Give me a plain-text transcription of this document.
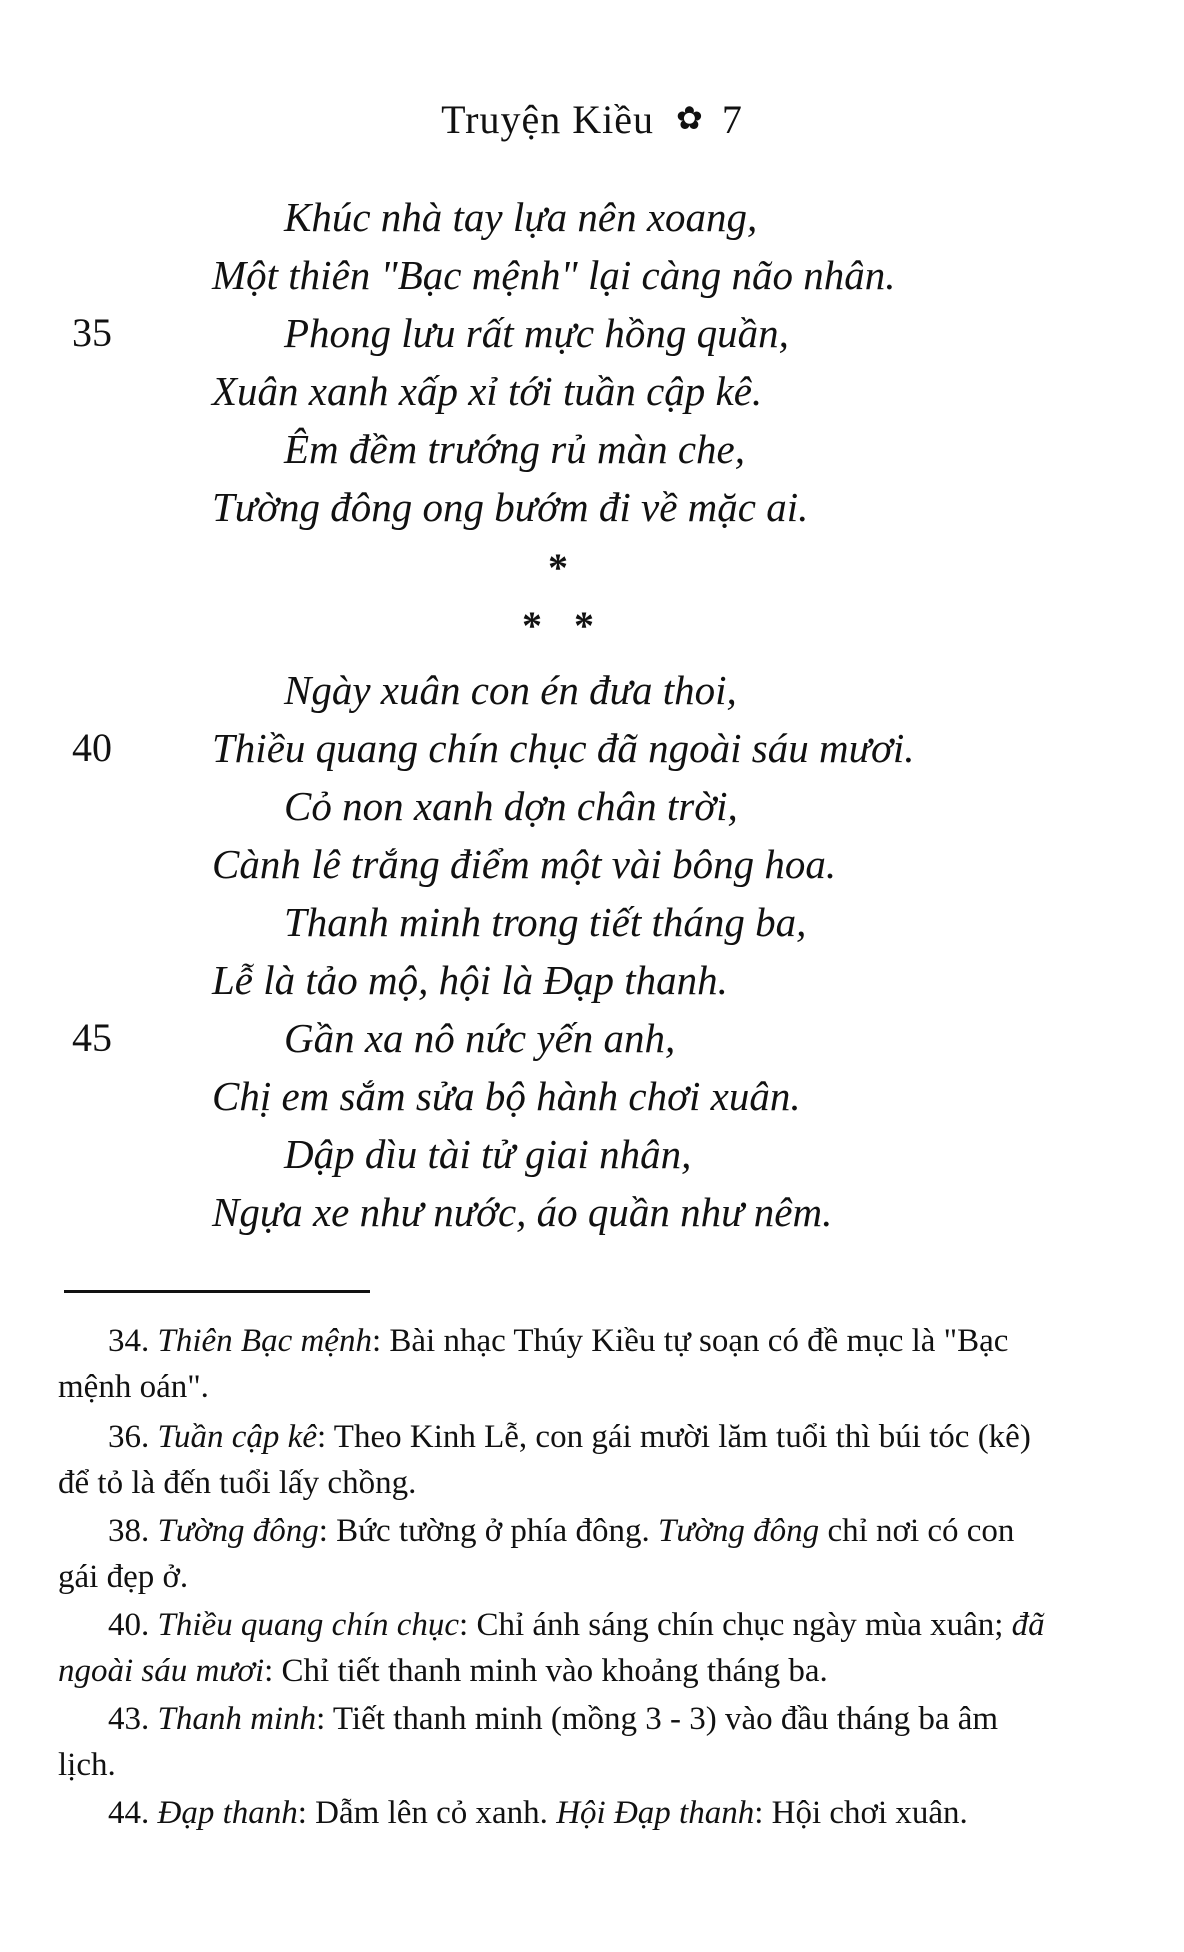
Truyện Kiều ✿ 7
Khúc nhà tay lựa nên xoang,
Một thiên "Bạc mệnh" lại càng não nhân.
35	Phong lưu rất mực hồng quần,
Xuân xanh xấp xỉ tới tuần cập kê.
Êm đềm trướng rủ màn che,
Tường đông ong bướm đi về mặc ai.
*
* *
Ngày xuân con én đưa thoi,
40 Thiều quang chín chục đã ngoài sáu mươi.
Cỏ non xanh dợn chân trời,
Cành lê trắng điểm một vài bông hoa.
Thanh minh trong tiết tháng ba,
Lễ là tảo mộ, hội là Đạp thanh.
45	Gần xa nô nức yến anh,
Chị em sắm sửa bộ hành chơi xuân.
Dập dìu tài tử giai nhân,
Ngựa xe như nước, áo quần như nêm.
34. Thiên Bạc mệnh: Bài nhạc Thúy Kiều tự soạn có đề mục là "Bạc mệnh oán".
36. Tuần cập kê: Theo Kinh Lễ, con gái mười lăm tuổi thì búi tóc (kê) để tỏ là đến tuổi lấy chồng.
38. Tường đông: Bức tường ở phía đông. Tường đông chỉ nơi có con gái đẹp ở.
40. Thiều quang chín chục: Chỉ ánh sáng chín chục ngày mùa xuân; đã ngoài sáu mươi: Chỉ tiết thanh minh vào khoảng tháng ba.
43. Thanh minh: Tiết thanh minh (mồng 3 - 3) vào đầu tháng ba âm lịch.
44. Đạp thanh: Dẫm lên cỏ xanh. Hội Đạp thanh: Hội chơi xuân.
